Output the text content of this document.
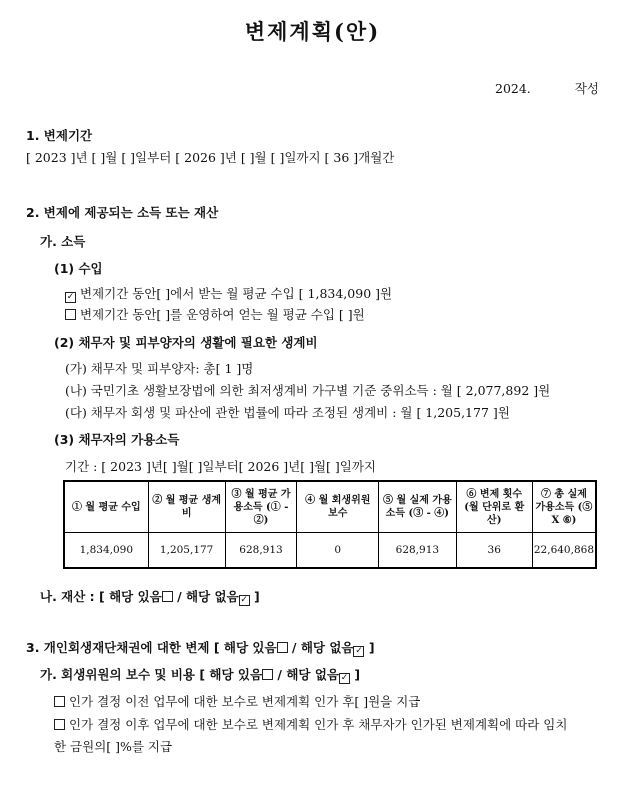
변제계획(안)
2024.	작성
1. 변제기간
[ 2023 ]년 [ ]월 [ ]일부터 [ 2026 ]년 [ ]월 [ ]일까지 [ 36 ]개월간
2. 변제에 제공되는 소득 또는 재산
가. 소득
(1) 수입
✓ 변제기간 동안[ ]에서 받는 월 평균 수입 [ 1,834,090 ]원
변제기간 동안[ ]를 운영하여 얻는 월 평균 수입 [ ]원
(2) 채무자 및 피부양자의 생활에 필요한 생계비
(가) 채무자 및 피부양자: 총[ 1 ]명
(나) 국민기초 생활보장법에 의한 최저생계비 가구별 기준 중위소득 : 월 [ 2,077,892 ]원
(다) 채무자 회생 및 파산에 관한 법률에 따라 조정된 생계비 : 월 [ 1,205,177 ]원
(3) 채무자의 가용소득
기간 : [ 2023 ]년[ ]월[ ]일부터[ 2026 ]년[ ]월[ ]일까지
① 월 평균 수입	② 월 평균 생계비	③ 월 평균 가용소득 (① - ②)	④ 월 회생위원 보수	⑤ 월 실제 가용소득 (③ - ④)	⑥ 변제 횟수 (월 단위로 환산)	⑦ 총 실제 가용소득 (⑤ X ⑥)
1,834,090	1,205,177	628,913	0	628,913	36	22,640,868
나. 재산 : [ 해당 있음 / 해당 없음 ✓ ]
3. 개인회생재단채권에 대한 변제 [ 해당 있음 / 해당 없음 ✓ ]
가. 회생위원의 보수 및 비용 [ 해당 있음 / 해당 없음 ✓ ]
인가 결정 이전 업무에 대한 보수로 변제계획 인가 후[ ]원을 지급
인가 결정 이후 업무에 대한 보수로 변제계획 인가 후 채무자가 인가된 변제계획에 따라 임치
한 금원의[ ]%를 지급
